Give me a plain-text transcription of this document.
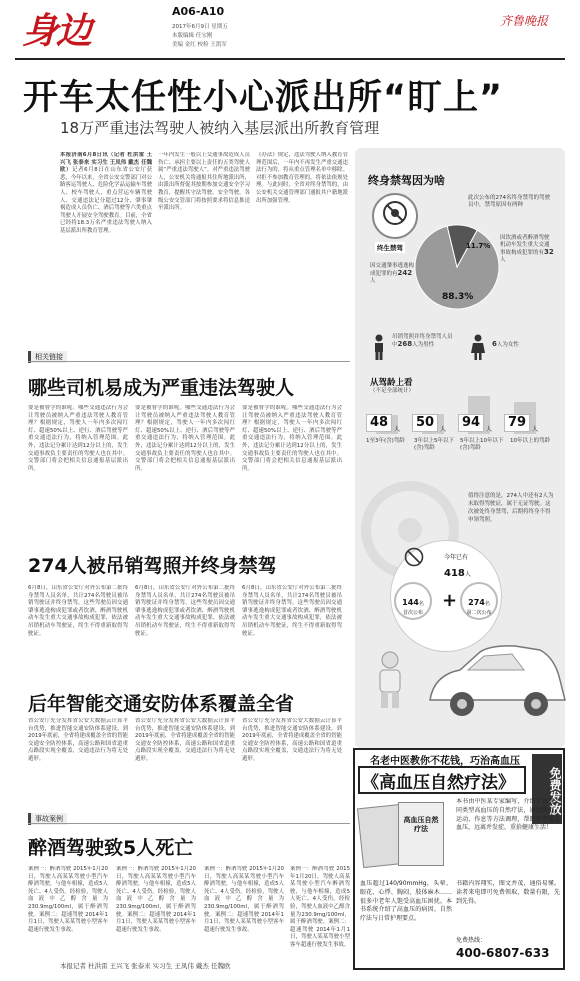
身边	A06-A10
2017年6月9日 星期五
本版编辑 任宝刚
美编 金红 校检 王凯军
齐鲁晚报
开车太任性小心派出所“盯上”
18万严重违法驾驶人被纳入基层派出所教育管理
本报济南6月8日讯（记者 杜洪雷 王兴飞 张泰来 实习生 王凤伟 戴杰 任魏欧）记者6月8日在山东省公安厅获悉，今年以来，全省公安交警部门对公路客运驾驶人、危险化学品运输车驾驶人、校车驾驶人、重点营运车辆驾驶人、交通违法记分超过12分、肇事肇祸造成人员伤亡、酒后驾驶等六类重点驾驶人开展安全驾驶教育。目前，全省已经将18.3万名严重违法驾驶人纳入基层派出所教育管理。
一年内发生一般以上交通事故造成人员伤亡、承担主要以上责任的五类驾驶人属“严重违法驾驶人”。对严重违法驾驶人，公安机关将通报其住所地派出所，由派出所督促其按期参加交通安全学习教育，提醒其守法驾驶、安全驾驶。各级公安交管部门将按照要求将信息推送至派出所。
《办法》规定，违法驾驶人纳入教育管理范围后，一年内不再发生严重交通违法行为的，将从重点管理名单中移除。对拒不参加教育管理的，将依法依规处理。与此同时，全省对终身禁驾的，由公安机关交通管理部门通报其户籍地派出所加强管理。
终身禁驾因为啥
此次公布的274名终身禁驾的驾驶员中，禁驾原因有两种
终生禁驾
88.3%
11.7%
因交通肇事逃逸构成犯罪的有242人
因饮酒或者醉酒驾驶机动车发生重大交通事故构成犯罪的有32人
吊销驾照并终身禁驾人员中268人为男性	6人为女性
从驾龄上看
（不足全部统计）
48 人	50 人	94 人	79 人
1至3年(含)驾龄	3年以上5年以下(含)驾龄
5年以上10年以下(含)驾龄
10年以上的驾龄
值得注意的是，274人中还有2人为未取得驾驶证，属于无证驾驶。这次被处终身禁驾，后期将终身不得申领驾照。
今年已有
418人
144名
首次公布
+	274名
第二次公布
相关链接
哪些司机易成为严重违法驾驶人
要是被督学的谁呢。哪些交通违法行为会让驾驶员被纳入严重违法驾驶人教育管理？根据规定，驾驶人一年内多次闯红灯、超速50%以上、逆行、酒后驾驶等严重交通违法行为，将纳入管理范围。此外，违法记分累计达到12分以上的，发生交通事故负主要责任的驾驶人也在其中。交警部门将会把相关信息通报基层派出所。
要是被督学的谁呢。哪些交通违法行为会让驾驶员被纳入严重违法驾驶人教育管理？根据规定，驾驶人一年内多次闯红灯、超速50%以上、逆行、酒后驾驶等严重交通违法行为，将纳入管理范围。此外，违法记分累计达到12分以上的，发生交通事故负主要责任的驾驶人也在其中。交警部门将会把相关信息通报基层派出所。
要是被督学的谁呢。哪些交通违法行为会让驾驶员被纳入严重违法驾驶人教育管理？根据规定，驾驶人一年内多次闯红灯、超速50%以上、逆行、酒后驾驶等严重交通违法行为，将纳入管理范围。此外，违法记分累计达到12分以上的，发生交通事故负主要责任的驾驶人也在其中。交警部门将会把相关信息通报基层派出所。
274人被吊销驾照并终身禁驾
6月8日，山东省公安厅对外公布第二批终身禁驾人员名单，共计274名驾驶员被吊销驾驶证并终身禁驾。这些驾驶员因交通肇事逃逸构成犯罪或者饮酒、醉酒驾驶机动车发生重大交通事故构成犯罪，依法被吊销机动车驾驶证，终生不得重新取得驾驶证。
6月8日，山东省公安厅对外公布第二批终身禁驾人员名单，共计274名驾驶员被吊销驾驶证并终身禁驾。这些驾驶员因交通肇事逃逸构成犯罪或者饮酒、醉酒驾驶机动车发生重大交通事故构成犯罪，依法被吊销机动车驾驶证，终生不得重新取得驾驶证。
6月8日，山东省公安厅对外公布第二批终身禁驾人员名单，共计274名驾驶员被吊销驾驶证并终身禁驾。这些驾驶员因交通肇事逃逸构成犯罪或者饮酒、醉酒驾驶机动车发生重大交通事故构成犯罪，依法被吊销机动车驾驶证，终生不得重新取得驾驶证。
后年智能交通安防体系覆盖全省
省公安厅充分发挥省公安大数据云计算平台优势，推进智能交通安防体系建设。到2019年底前，全省将建成覆盖全省的智能交通安全防控体系，高速公路和国省道重点路段实现全覆盖，交通违法行为将无处遁形。
省公安厅充分发挥省公安大数据云计算平台优势，推进智能交通安防体系建设。到2019年底前，全省将建成覆盖全省的智能交通安全防控体系，高速公路和国省道重点路段实现全覆盖，交通违法行为将无处遁形。
省公安厅充分发挥省公安大数据云计算平台优势，推进智能交通安防体系建设。到2019年底前，全省将建成覆盖全省的智能交通安全防控体系，高速公路和国省道重点路段实现全覆盖，交通违法行为将无处遁形。
事故案例
醉酒驾驶致5人死亡
案例一：醉酒驾驶 2015年1月20日，驾驶人高某某驾驶小型汽车醉酒驾驶，与他车相撞，造成5人死亡、4人受伤。经检验，驾驶人血液中乙醇含量为230.9mg/100ml，属于醉酒驾驶。案例二：超速驾驶 2014年1月1日，驾驶人某某驾驶小型客车超速行驶发生事故。
案例一：醉酒驾驶 2015年1月20日，驾驶人高某某驾驶小型汽车醉酒驾驶，与他车相撞，造成5人死亡、4人受伤。经检验，驾驶人血液中乙醇含量为230.9mg/100ml，属于醉酒驾驶。案例二：超速驾驶 2014年1月1日，驾驶人某某驾驶小型客车超速行驶发生事故。
案例一：醉酒驾驶 2015年1月20日，驾驶人高某某驾驶小型汽车醉酒驾驶，与他车相撞，造成5人死亡、4人受伤。经检验，驾驶人血液中乙醇含量为230.9mg/100ml，属于醉酒驾驶。案例二：超速驾驶 2014年1月1日，驾驶人某某驾驶小型客车超速行驶发生事故。
案例一：醉酒驾驶 2015年1月20日，驾驶人高某某驾驶小型汽车醉酒驾驶，与他车相撞，造成5人死亡、4人受伤。经检验，驾驶人血液中乙醇含量为230.9mg/100ml，属于醉酒驾驶。案例二：超速驾驶 2014年1月1日，驾驶人某某驾驶小型客车超速行驶发生事故。
本报记者 杜洪雷 王兴飞 张泰来 实习生 王凤伟 戴杰 任魏欧
名老中医教你不花钱，巧治高血压
《高血压自然疗法》	免费发放
高血压自然疗法
本书由中医某专家编写，介绍了针对不同类型高血压的自然疗法，通过饮食、运动、作息等方法调理，帮助患者稳定血压，远离并发症，重拾健康生活！
血压超过140/90mmHg，头晕、眼花、心悸、胸闷、肢体麻木……很多中老年人饱受高血压困扰。本书系统介绍了高血压的病因、自然疗法与日常护理要点。
书籍内容翔实，图文并茂，通俗易懂。读者来电即可免费领取，数量有限，先到先得。
免费热线：
400-6807-633
